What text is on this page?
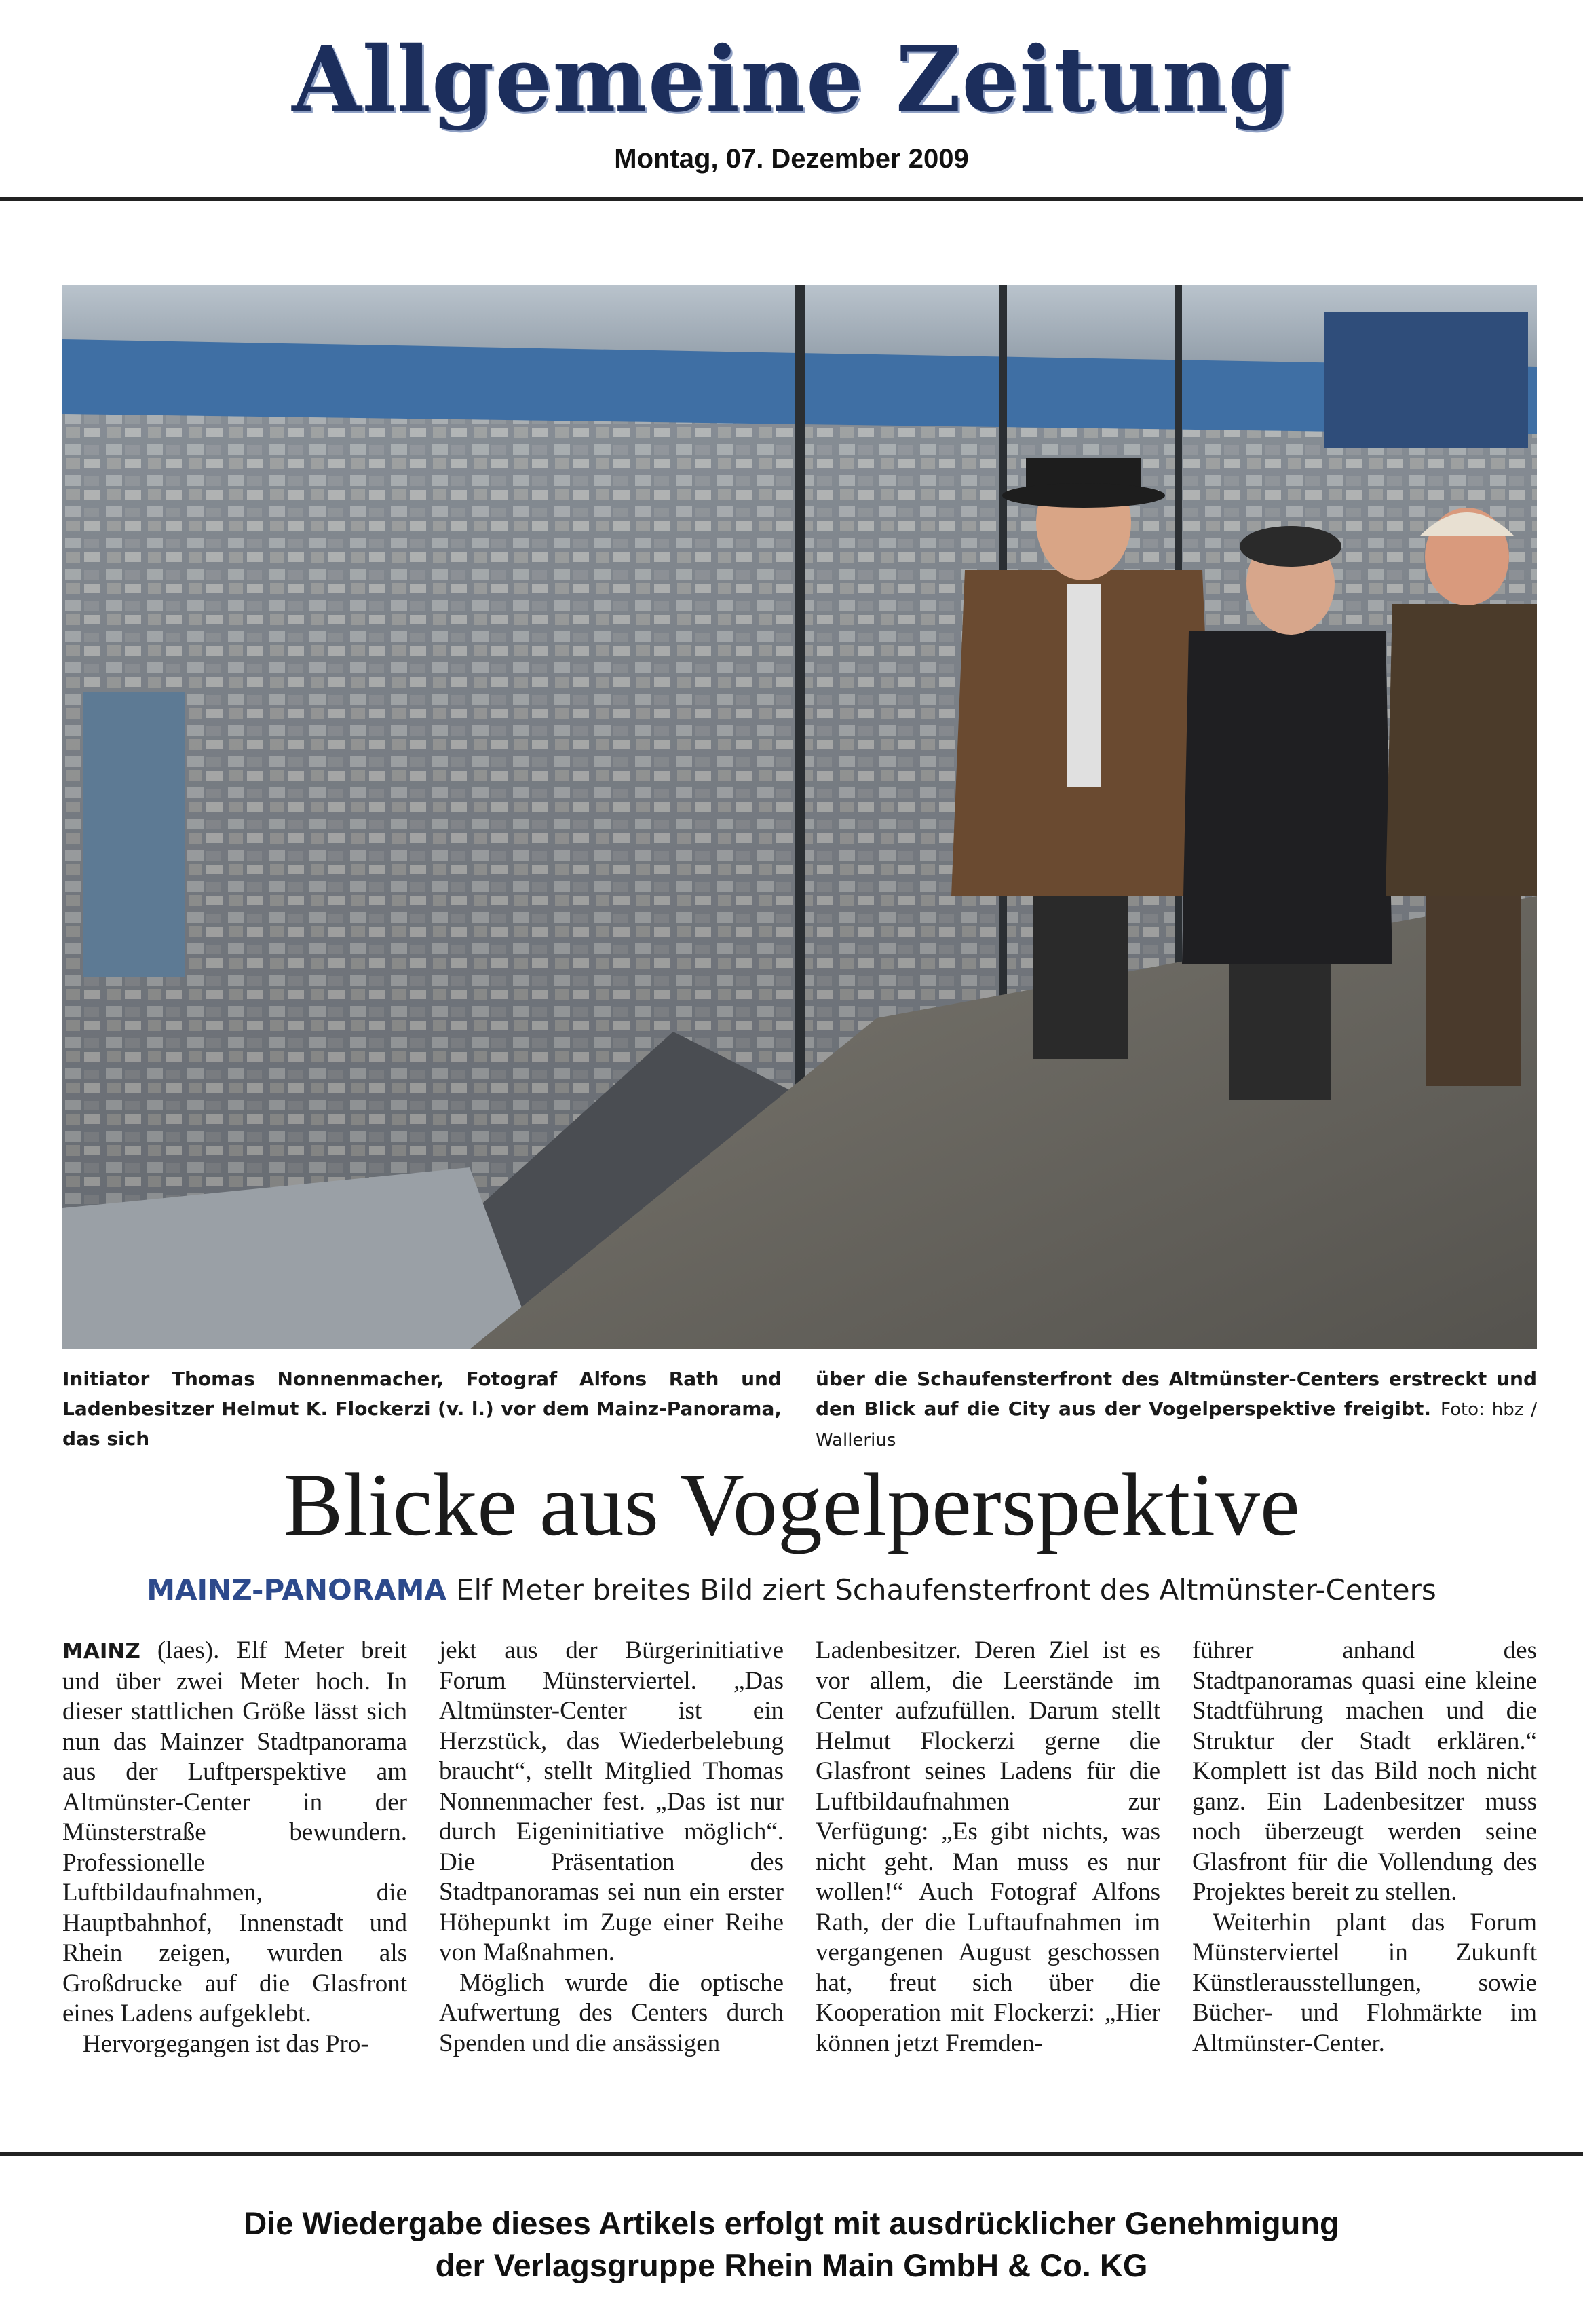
Allgemeine Zeitung
Montag, 07. Dezember 2009
Initiator Thomas Nonnenmacher, Fotograf Alfons Rath und Ladenbesitzer Helmut K. Flockerzi (v. l.) vor dem Mainz-Panorama, das sich
über die Schaufensterfront des Altmünster-Centers erstreckt und den Blick auf die City aus der Vogelperspektive freigibt. Foto: hbz / Wallerius
Blicke aus Vogelperspektive
MAINZ-PANORAMA Elf Meter breites Bild ziert Schaufensterfront des Altmünster-Centers

MAINZ (laes). Elf Meter breit und über zwei Meter hoch. In dieser stattlichen Größe lässt sich nun das Mainzer Stadtpanorama aus der Luftperspektive am Altmünster-Center in der Münsterstraße bewundern. Professionelle Luftbildaufnahmen, die Hauptbahnhof, Innenstadt und Rhein zeigen, wurden als Großdrucke auf die Glasfront eines Ladens aufgeklebt.

Hervorgegangen ist das Pro-

jekt aus der Bürgerinitiative Forum Münsterviertel. „Das Altmünster-Center ist ein Herzstück, das Wiederbelebung braucht“, stellt Mitglied Thomas Nonnenmacher fest. „Das ist nur durch Eigeninitiative möglich“. Die Präsentation des Stadtpanoramas sei nun ein erster Höhepunkt im Zuge einer Reihe von Maßnahmen.

Möglich wurde die optische Aufwertung des Centers durch Spenden und die ansässigen

Ladenbesitzer. Deren Ziel ist es vor allem, die Leerstände im Center aufzufüllen. Darum stellt Helmut Flockerzi gerne die Glasfront seines Ladens für die Luftbildaufnahmen zur Verfügung: „Es gibt nichts, was nicht geht. Man muss es nur wollen!“ Auch Fotograf Alfons Rath, der die Luftaufnahmen im vergangenen August geschossen hat, freut sich über die Kooperation mit Flockerzi: „Hier können jetzt Fremden-

führer anhand des Stadtpanoramas quasi eine kleine Stadtführung machen und die Struktur der Stadt erklären.“ Komplett ist das Bild noch nicht ganz. Ein Ladenbesitzer muss noch überzeugt werden seine Glasfront für die Vollendung des Projektes bereit zu stellen.

Weiterhin plant das Forum Münsterviertel in Zukunft Künstlerausstellungen, sowie Bücher- und Flohmärkte im Altmünster-Center.

Die Wiedergabe dieses Artikels erfolgt mit ausdrücklicher Genehmigung
der Verlagsgruppe Rhein Main GmbH & Co. KG
